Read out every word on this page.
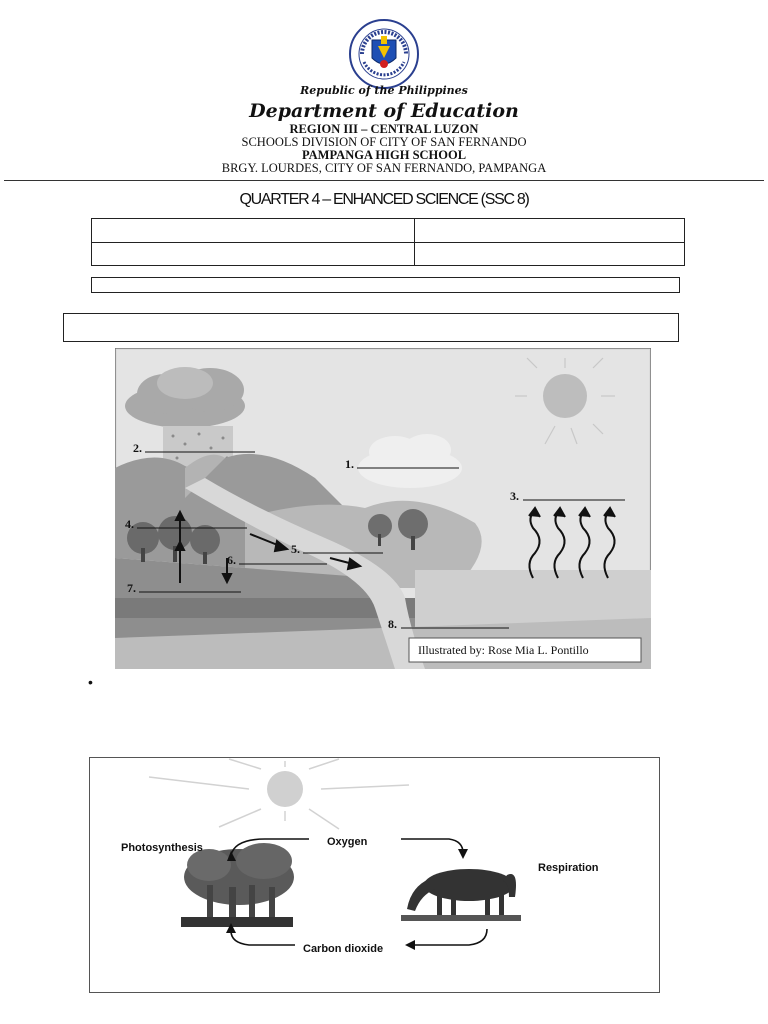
Republic of the Philippines
Department of Education
REGION III – CENTRAL LUZON
SCHOOLS DIVISION OF CITY OF SAN FERNANDO
PAMPANGA HIGH SCHOOL
BRGY. LOURDES, CITY OF SAN FERNANDO, PAMPANGA
QUARTER 4 – ENHANCED SCIENCE (SSC 8)

1.
2.
3.
4.
5.
6.
7.
8.
Illustrated by: Rose Mia L. Pontillo
•
Photosynthesis	Oxygen
Respiration
Carbon dioxide
